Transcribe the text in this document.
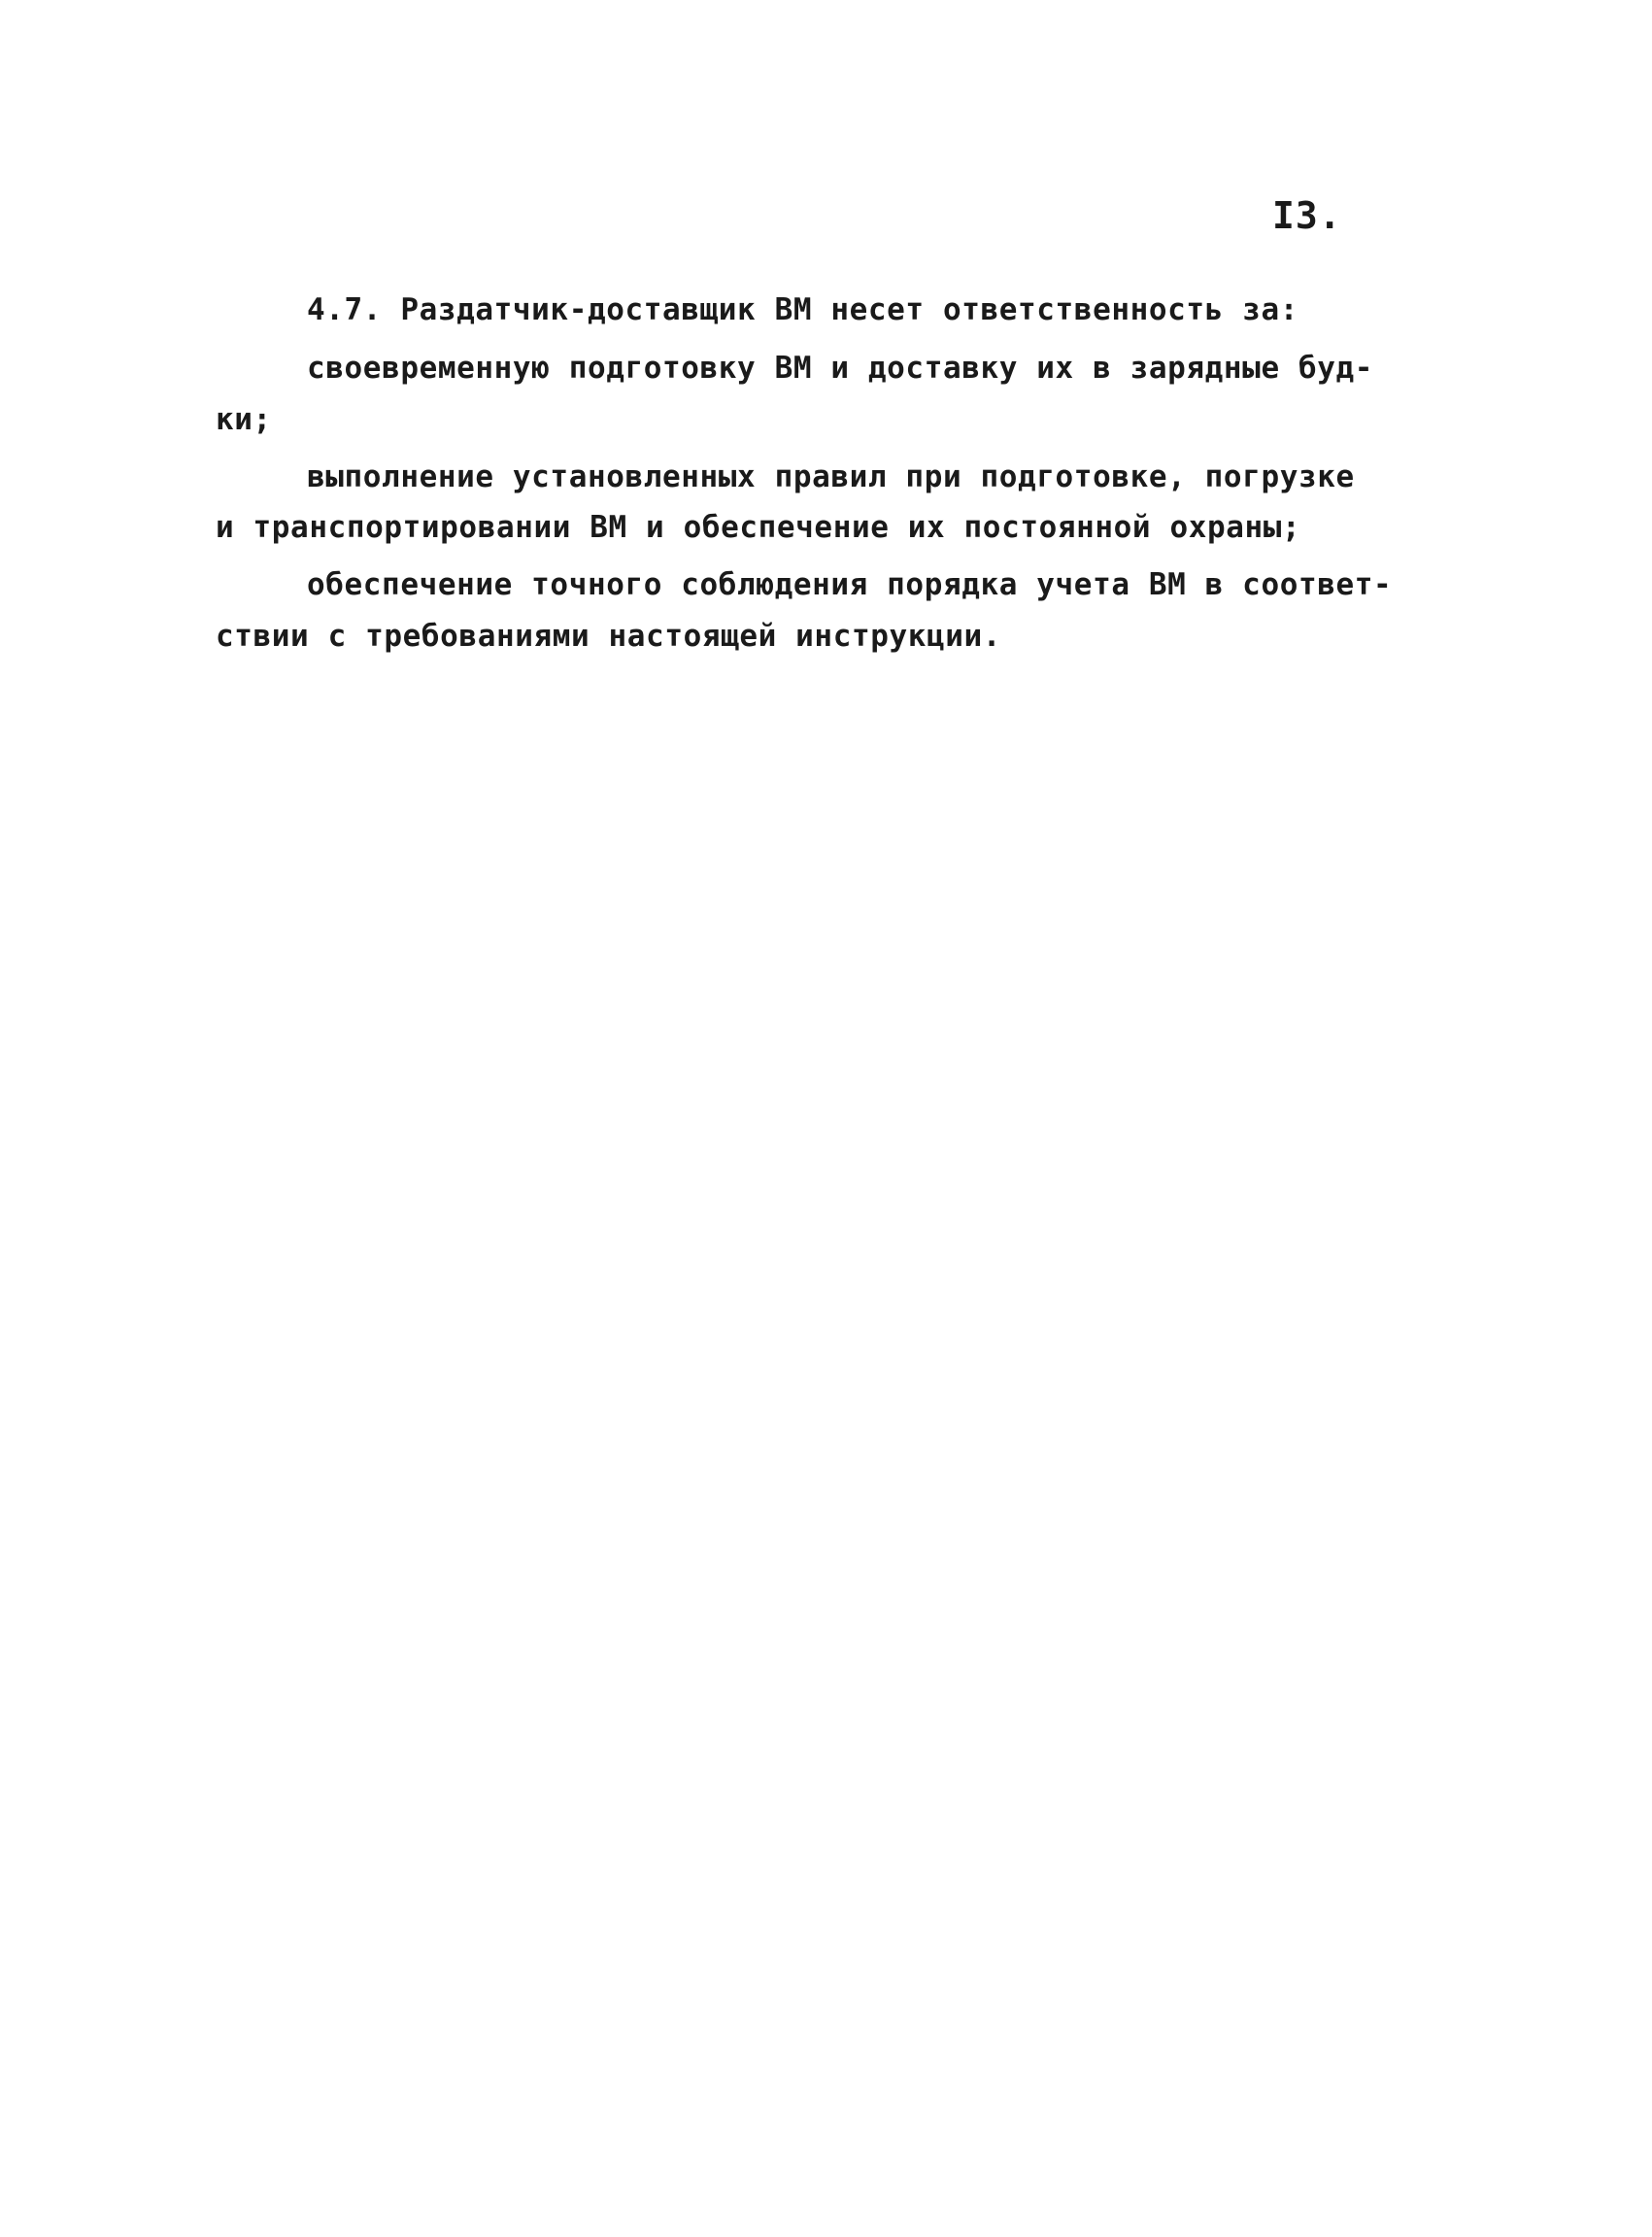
I3.
4.7. Раздатчик-доставщик ВМ несет ответственность за:
своевременную подготовку ВМ и доставку их в зарядные буд-
ки;
выполнение установленных правил при подготовке, погрузке
и транспортировании ВМ и обеспечение их постоянной охраны;
обеспечение точного соблюдения порядка учета ВМ в соответ-
ствии с требованиями настоящей инструкции.
